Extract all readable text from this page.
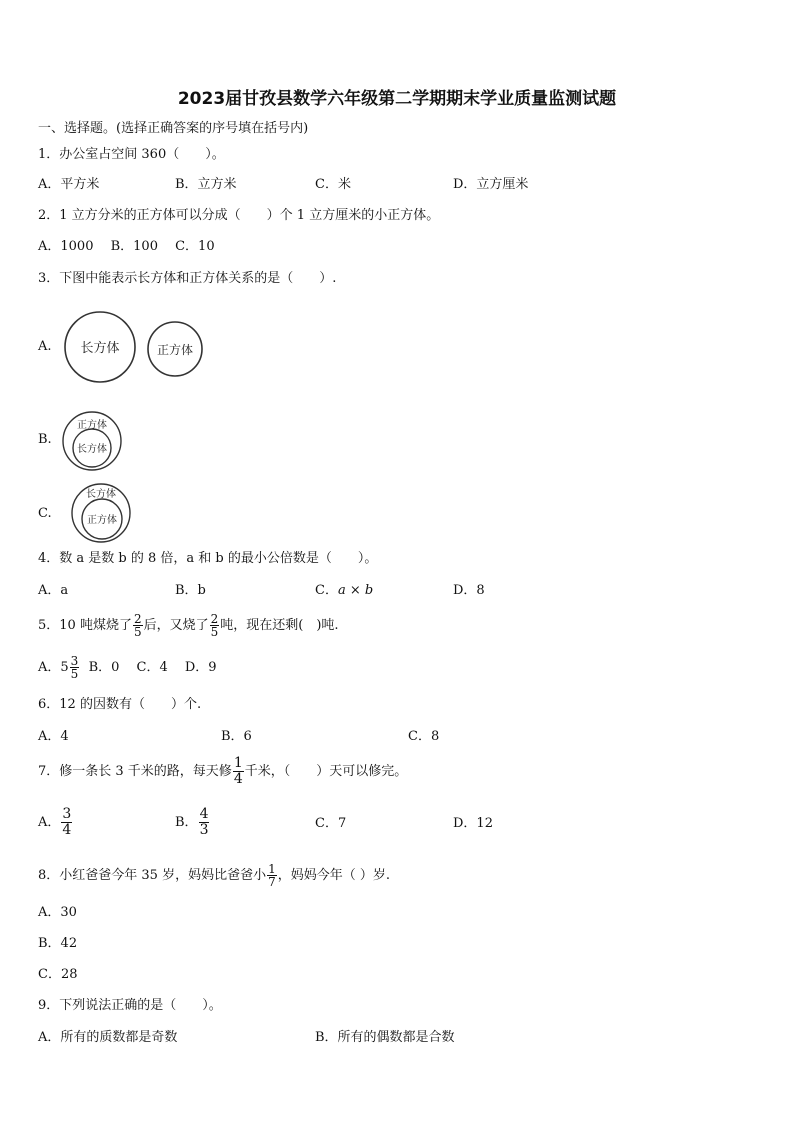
2023届甘孜县数学六年级第二学期期末学业质量监测试题
一、选择题。(选择正确答案的序号填在括号内)
1．办公室占空间 360（　　）。
A．平方米	B．立方米	C．米	D．立方厘米
2．1 立方分米的正方体可以分成（　　）个 1 立方厘米的小正方体。
A．1000　 B．100　 C．10
3．下图中能表示长方体和正方体关系的是（　　）.
A. 长方体	正方体
B.
正方体
长方体
C.
长方体
正方体
4．数 a 是数 b 的 8 倍，a 和 b 的最小公倍数是（　　）。
A．a	B．b	C．a × b	D．8
5．10 吨煤烧了 $\frac{2}{5}$ 后，又烧了 $\frac{2}{5}$ 吨，现在还剩(　)吨.
A．$5 \frac{3}{5}$ B．0　 C．4　 D．9
6．12 的因数有（　　）个.
A．4	B．6	C．8
7．修一条长 3 千米的路，每天修 $\frac{1}{4}$ 千米，（　　）天可以修完。
A． $\frac{3}{4}$	B． $\frac{4}{3}$	C．7	D．12
8．小红爸爸今年 35 岁，妈妈比爸爸小 $\frac{1}{7}$ ，妈妈今年（ ）岁.
A．30
B．42
C．28
9．下列说法正确的是（　　）。
A．所有的质数都是奇数	B．所有的偶数都是合数
